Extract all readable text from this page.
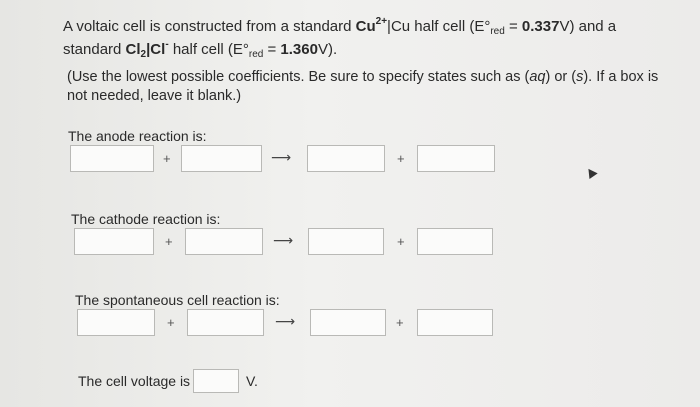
A voltaic cell is constructed from a standard $Cu^{2+}|Cu$ half cell $(E^\circ_{red} = 0.337V)$ and a
standard $Cl_2|Cl^-$ half cell $(E^\circ_{red} = 1.360V)$.
(Use the lowest possible coefficients. Be sure to specify states such as (aq) or (s). If a box is not needed, leave it blank.)
The anode reaction is:
+	⟶	+
The cathode reaction is:
+	⟶	+
The spontaneous cell reaction is:
+	⟶	+
The cell voltage is	V.
